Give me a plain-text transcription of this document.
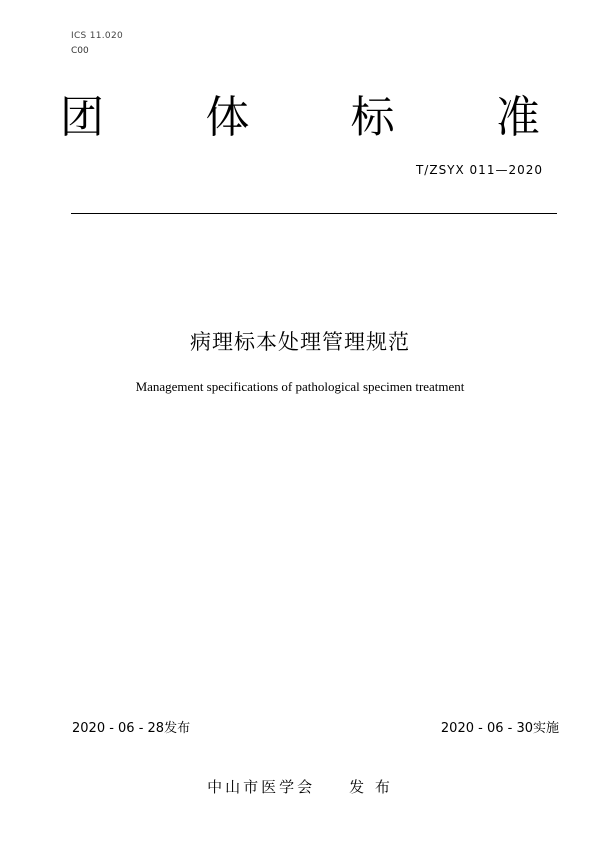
ICS 11.020
C00
团 体 标 准
T/ZSYX 011—2020
病理标本处理管理规范
Management specifications of pathological specimen treatment
2020 - 06 - 28发布	2020 - 06 - 30实施
中山市医学会 发 布
